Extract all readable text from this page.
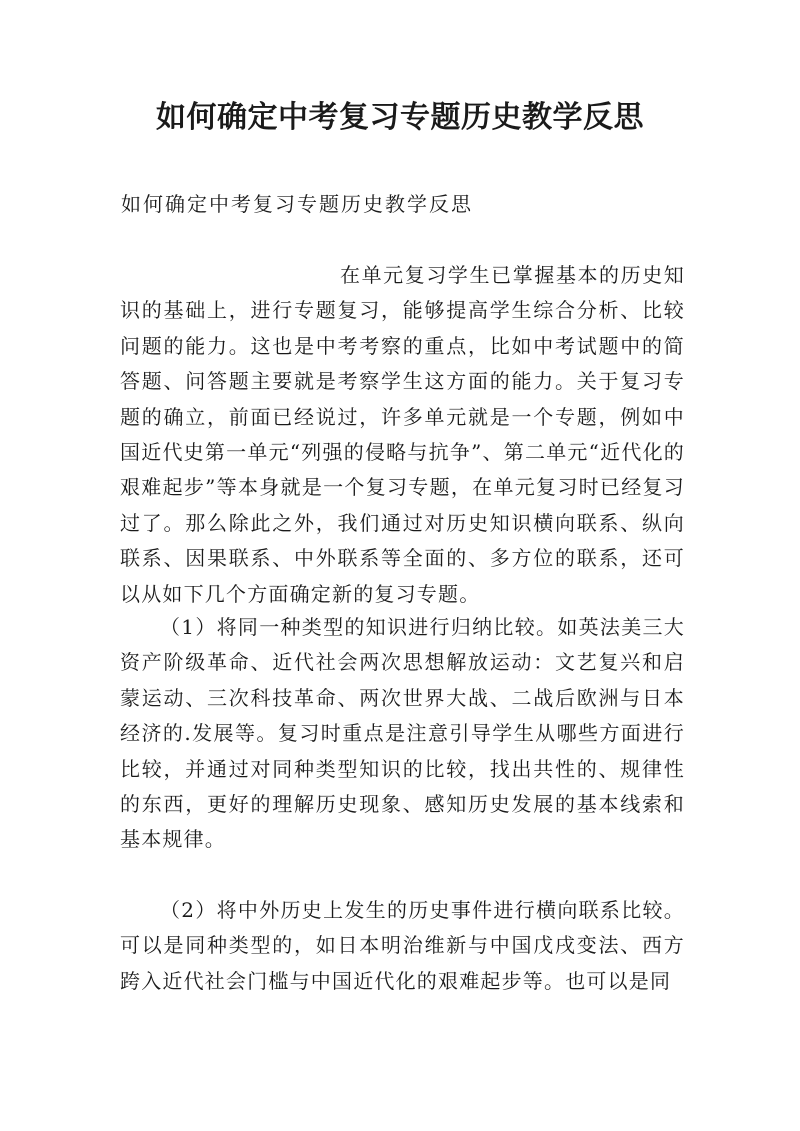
如何确定中考复习专题历史教学反思

如何确定中考复习专题历史教学反思

在单元复习学生已掌握基本的历史知识的基础上，进行专题复习，能够提高学生综合分析、比较问题的能力。这也是中考考察的重点，比如中考试题中的简答题、问答题主要就是考察学生这方面的能力。关于复习专题的确立，前面已经说过，许多单元就是一个专题，例如中国近代史第一单元“列强的侵略与抗争”、第二单元“近代化的艰难起步”等本身就是一个复习专题，在单元复习时已经复习过了。那么除此之外，我们通过对历史知识横向联系、纵向联系、因果联系、中外联系等全面的、多方位的联系，还可以从如下几个方面确定新的复习专题。

（1）将同一种类型的知识进行归纳比较。如英法美三大资产阶级革命、近代社会两次思想解放运动：文艺复兴和启蒙运动、三次科技革命、两次世界大战、二战后欧洲与日本经济的.发展等。复习时重点是注意引导学生从哪些方面进行比较，并通过对同种类型知识的比较，找出共性的、规律性的东西，更好的理解历史现象、感知历史发展的基本线索和基本规律。

（2）将中外历史上发生的历史事件进行横向联系比较。可以是同种类型的，如日本明治维新与中国戊戌变法、西方跨入近代社会门槛与中国近代化的艰难起步等。也可以是同
